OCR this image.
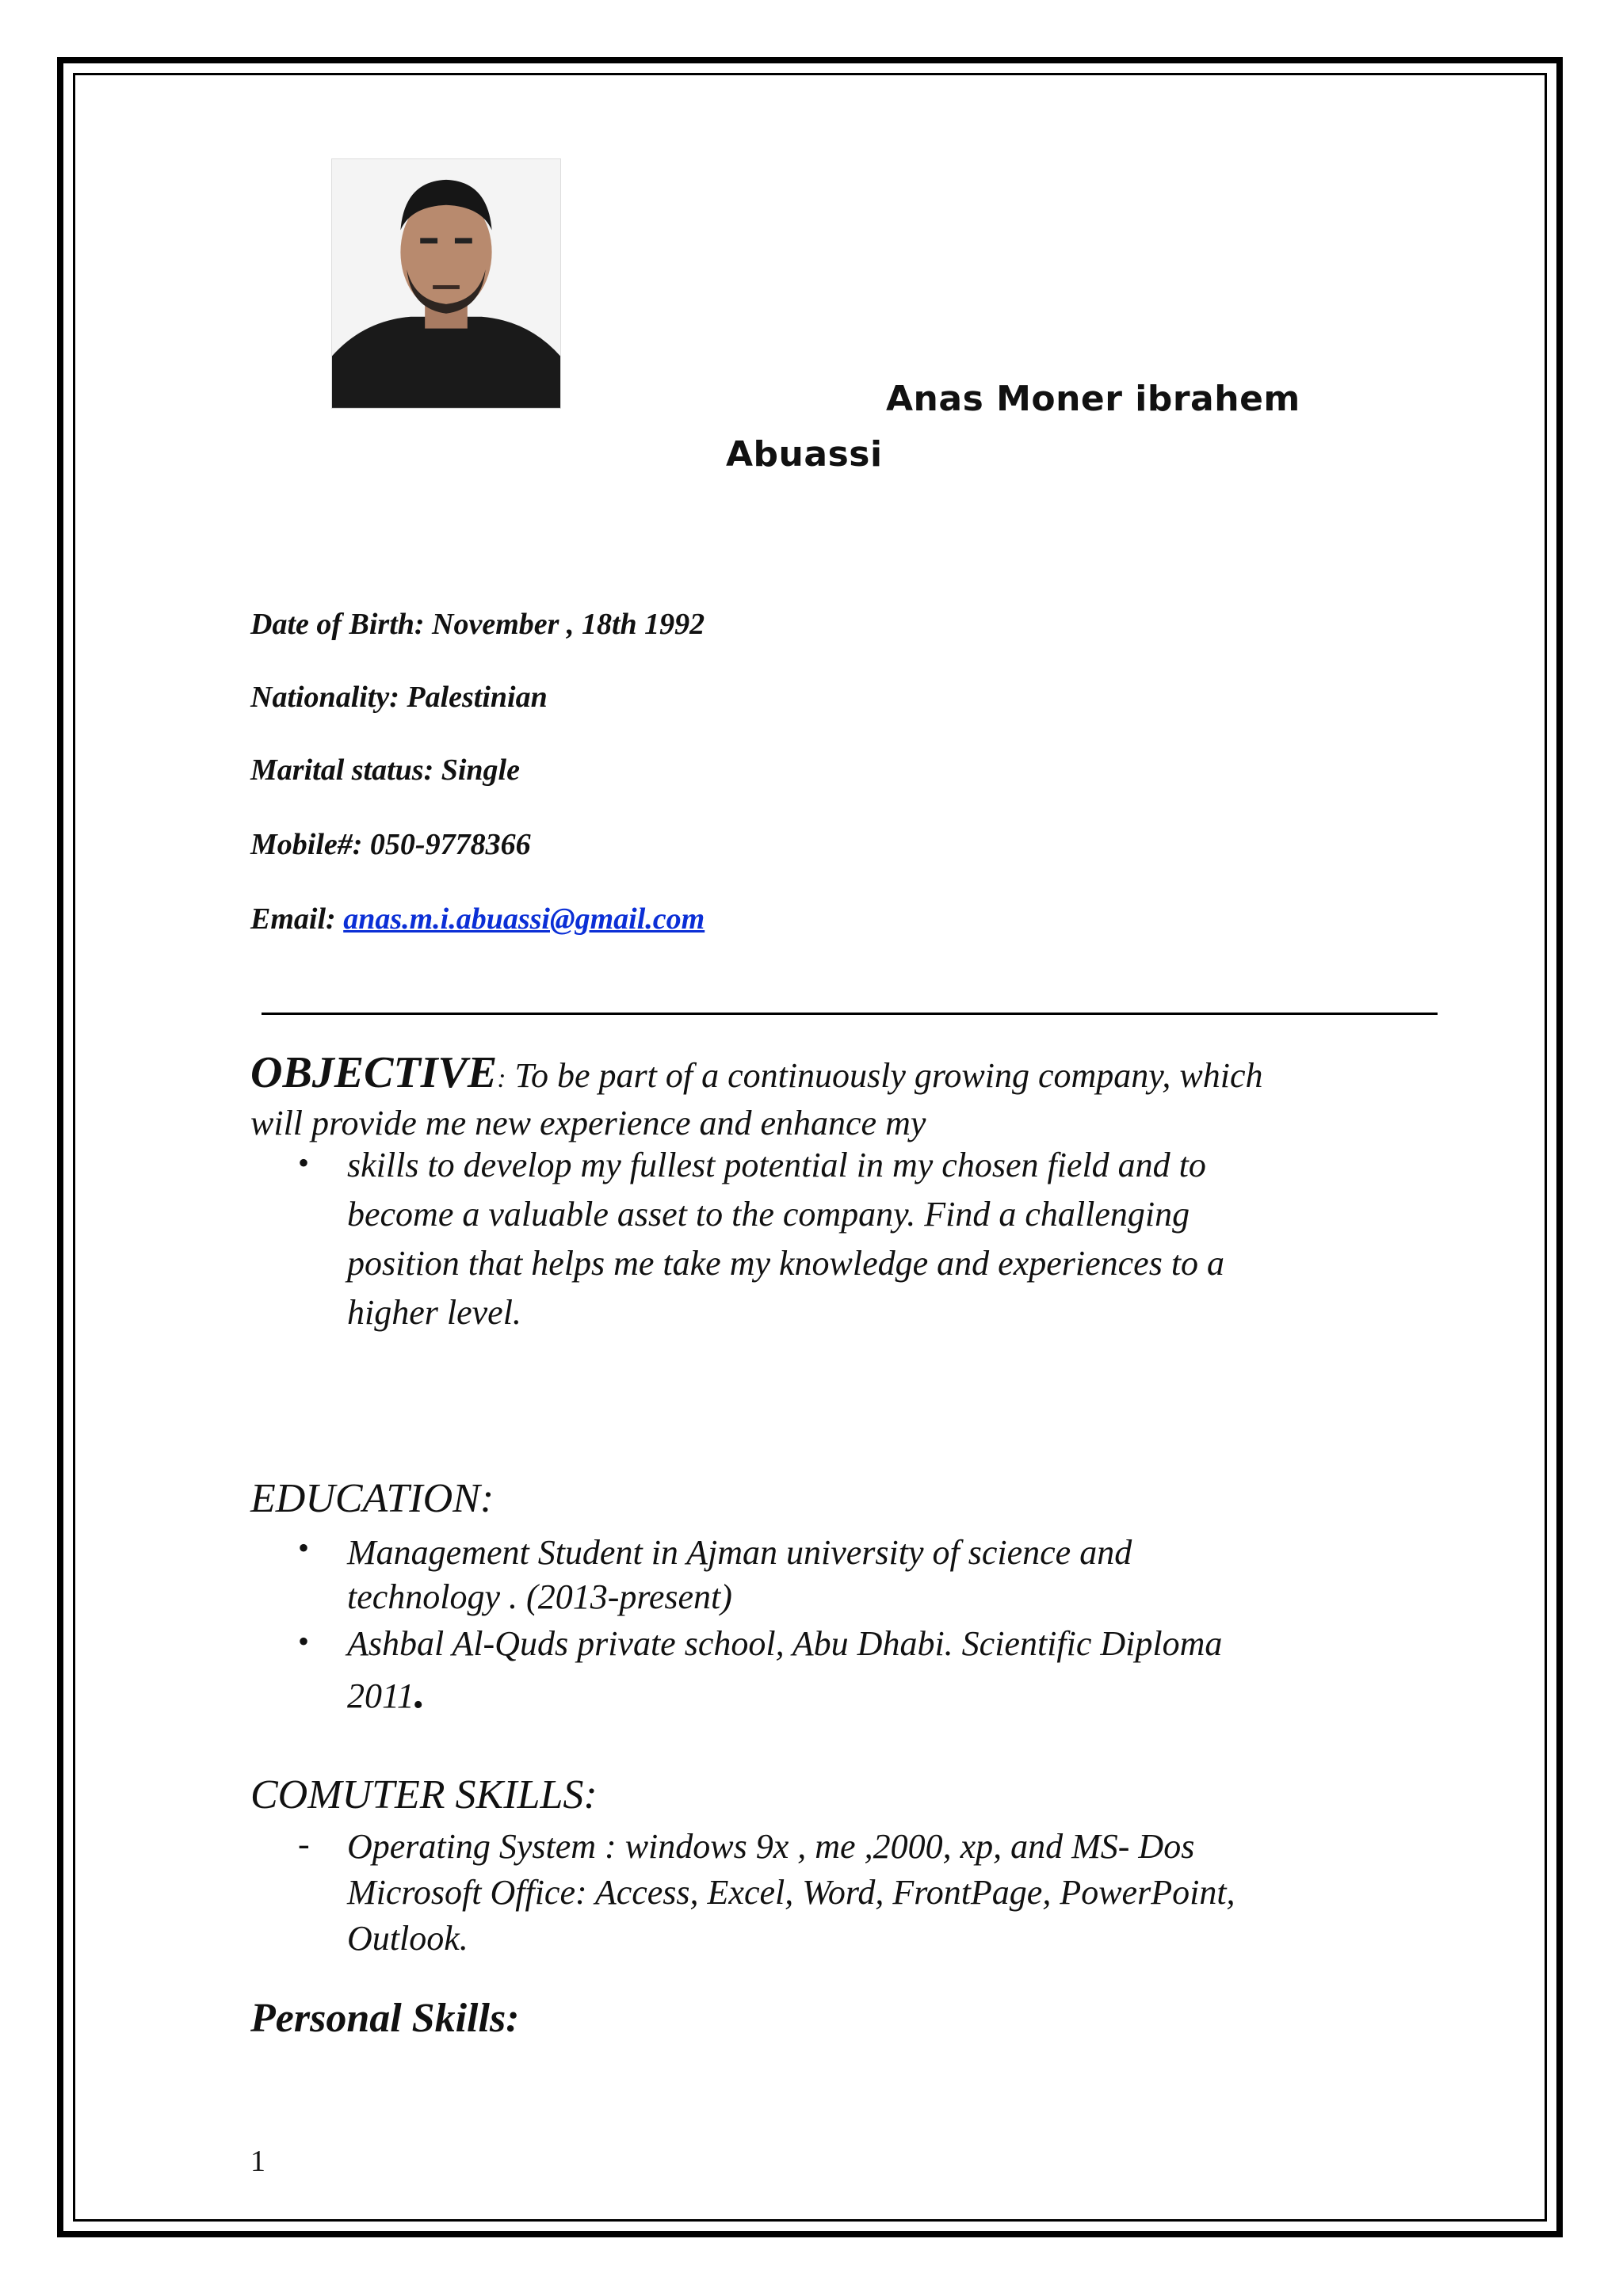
Anas Moner ibrahem
Abuassi
Date of Birth: November , 18th 1992
Nationality: Palestinian
Marital status: Single
Mobile#: 050-9778366
Email: anas.m.i.abuassi@gmail.com
OBJECTIVE: To be part of a continuously growing company, which
will provide me new experience and enhance my
• skills to develop my fullest potential in my chosen field and to
become a valuable asset to the company. Find a challenging
position that helps me take my knowledge and experiences to a
higher level.
EDUCATION:
• Management Student in Ajman university of science and
technology . (2013-present)
• Ashbal Al-Quds private school, Abu Dhabi. Scientific Diploma
2011.
COMUTER SKILLS:
- Operating System : windows 9x , me ,2000, xp, and MS- Dos
Microsoft Office: Access, Excel, Word, FrontPage, PowerPoint,
Outlook.
Personal Skills:
1
